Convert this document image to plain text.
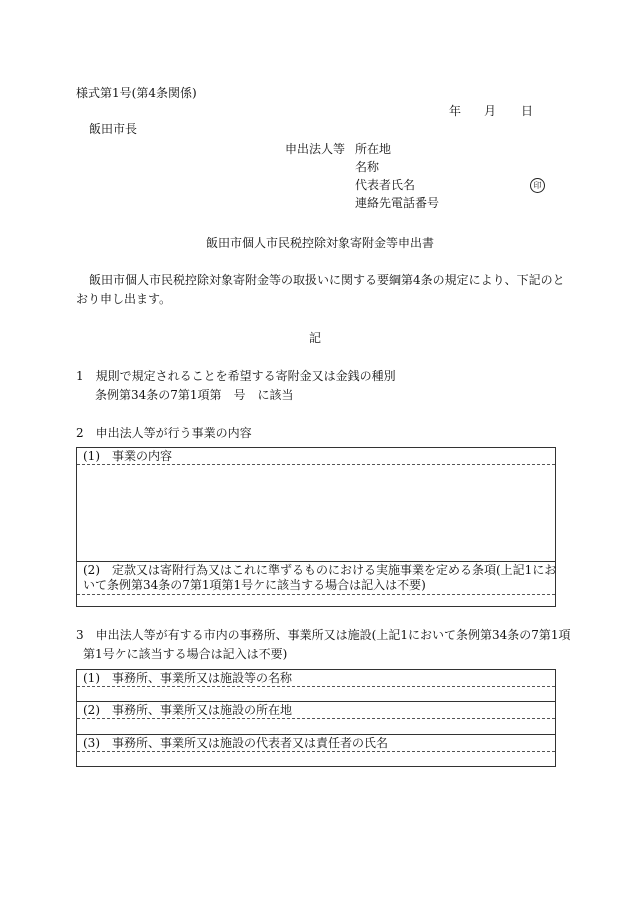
様式第1号(第4条関係)
年 月 日
飯田市長
申出法人等 所在地
名称
代表者氏名	印
連絡先電話番号
飯田市個人市民税控除対象寄附金等申出書
飯田市個人市民税控除対象寄附金等の取扱いに関する要綱第4条の規定により、下記のと
おり申し出ます。
記
1　規則で規定されることを希望する寄附金又は金銭の種別
条例第34条の7第1項第　号　に該当
2　申出法人等が行う事業の内容
(1)　事業の内容
(2)　定款又は寄附行為又はこれに準ずるものにおける実施事業を定める条項(上記1にお
いて条例第34条の7第1項第1号ケに該当する場合は記入は不要)
3　申出法人等が有する市内の事務所、事業所又は施設(上記1において条例第34条の7第1項
第1号ケに該当する場合は記入は不要)
(1)　事務所、事業所又は施設等の名称
(2)　事務所、事業所又は施設の所在地
(3)　事務所、事業所又は施設の代表者又は責任者の氏名
